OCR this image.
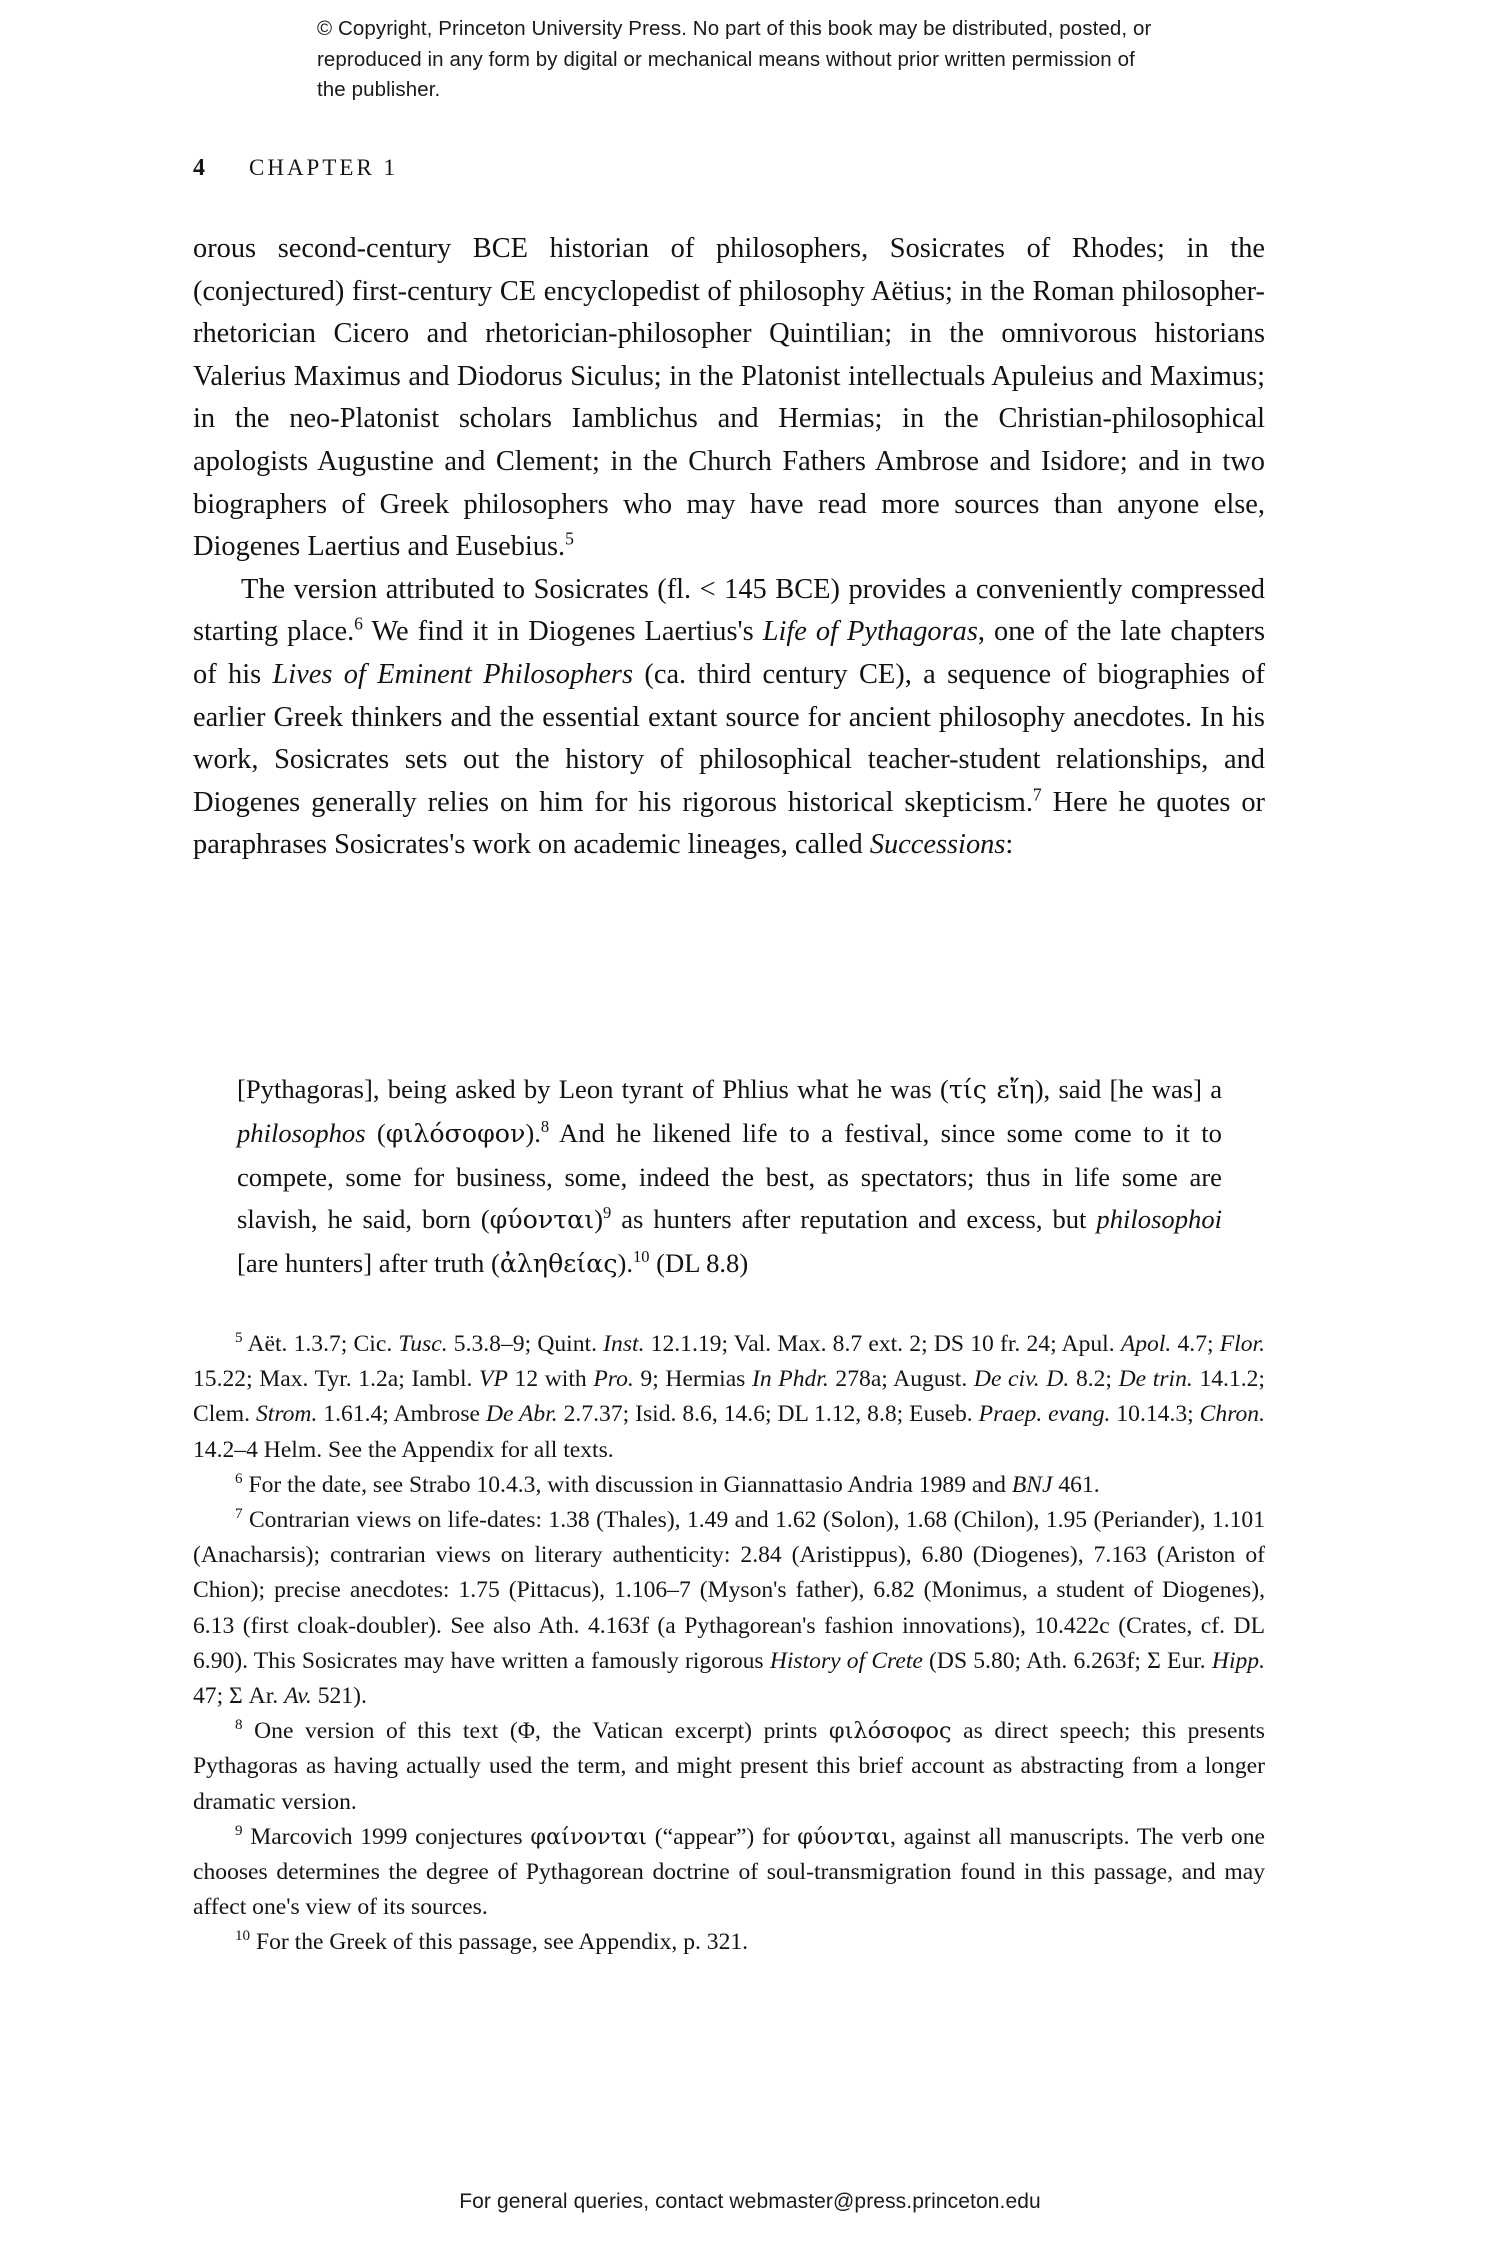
© Copyright, Princeton University Press. No part of this book may be distributed, posted, or reproduced in any form by digital or mechanical means without prior written permission of the publisher.
4 CHAPTER 1

orous second-century BCE historian of philosophers, Sosicrates of Rhodes; in the (conjectured) first-century CE encyclopedist of philosophy Aëtius; in the Roman philosopher-rhetorician Cicero and rhetorician-philosopher Quintilian; in the omnivorous historians Valerius Maximus and Diodorus Siculus; in the Platonist intellectuals Apuleius and Maximus; in the neo-Platonist scholars Iamblichus and Hermias; in the Christian-philosophical apologists Augustine and Clement; in the Church Fathers Ambrose and Isidore; and in two biographers of Greek philosophers who may have read more sources than anyone else, Diogenes Laertius and Eusebius.$^5$

The version attributed to Sosicrates (fl. < 145 BCE) provides a conveniently compressed starting place.$^6$ We find it in Diogenes Laertius's Life of Pythagoras, one of the late chapters of his Lives of Eminent Philosophers (ca. third century CE), a sequence of biographies of earlier Greek thinkers and the essential extant source for ancient philosophy anecdotes. In his work, Sosicrates sets out the history of philosophical teacher-student relationships, and Diogenes generally relies on him for his rigorous historical skepticism.$^7$ Here he quotes or paraphrases Sosicrates's work on academic lineages, called Successions:

[Pythagoras], being asked by Leon tyrant of Phlius what he was (τίς εἴη), said [he was] a philosophos (φιλόσοφον).$^8$ And he likened life to a festival, since some come to it to compete, some for business, some, indeed the best, as spectators; thus in life some are slavish, he said, born $(\varphi ύo\nu\tau\alpha\iota)^9$ as hunters after reputation and excess, but philosophoi [are hunters] after truth (ἀληθείας).$^{10}$ (DL 8.8)

$^5$ Aët. 1.3.7; Cic. Tusc. 5.3.8–9; Quint. Inst. 12.1.19; Val. Max. 8.7 ext. 2; DS 10 fr. 24; Apul. Apol. 4.7; Flor. 15.22; Max. Tyr. 1.2a; Iambl. VP 12 with Pro. 9; Hermias In Phdr. 278a; August. De civ. D. 8.2; De trin. 14.1.2; Clem. Strom. 1.61.4; Ambrose De Abr. 2.7.37; Isid. 8.6, 14.6; DL 1.12, 8.8; Euseb. Praep. evang. 10.14.3; Chron. 14.2–4 Helm. See the Appendix for all texts.

$^6$ For the date, see Strabo 10.4.3, with discussion in Giannattasio Andria 1989 and BNJ 461.

$^7$ Contrarian views on life-dates: 1.38 (Thales), 1.49 and 1.62 (Solon), 1.68 (Chilon), 1.95 (Periander), 1.101 (Anacharsis); contrarian views on literary authenticity: 2.84 (Aristippus), 6.80 (Diogenes), 7.163 (Ariston of Chion); precise anecdotes: 1.75 (Pittacus), 1.106–7 (Myson's father), 6.82 (Monimus, a student of Diogenes), 6.13 (first cloak-doubler). See also Ath. 4.163f (a Pythagorean's fashion innovations), 10.422c (Crates, cf. DL 6.90). This Sosicrates may have written a famously rigorous History of Crete (DS 5.80; Ath. 6.263f; Σ Eur. Hipp. 47; Σ Ar. Av. 521).

$^8$ One version of this text (Φ, the Vatican excerpt) prints φιλόσοφος as direct speech; this presents Pythagoras as having actually used the term, and might present this brief account as abstracting from a longer dramatic version.

$^9$ Marcovich 1999 conjectures φαίνονται (“appear”) for φύονται, against all manuscripts. The verb one chooses determines the degree of Pythagorean doctrine of soul-transmigration found in this passage, and may affect one's view of its sources.

$^{10}$ For the Greek of this passage, see Appendix, p. 321.

For general queries, contact webmaster@press.princeton.edu
